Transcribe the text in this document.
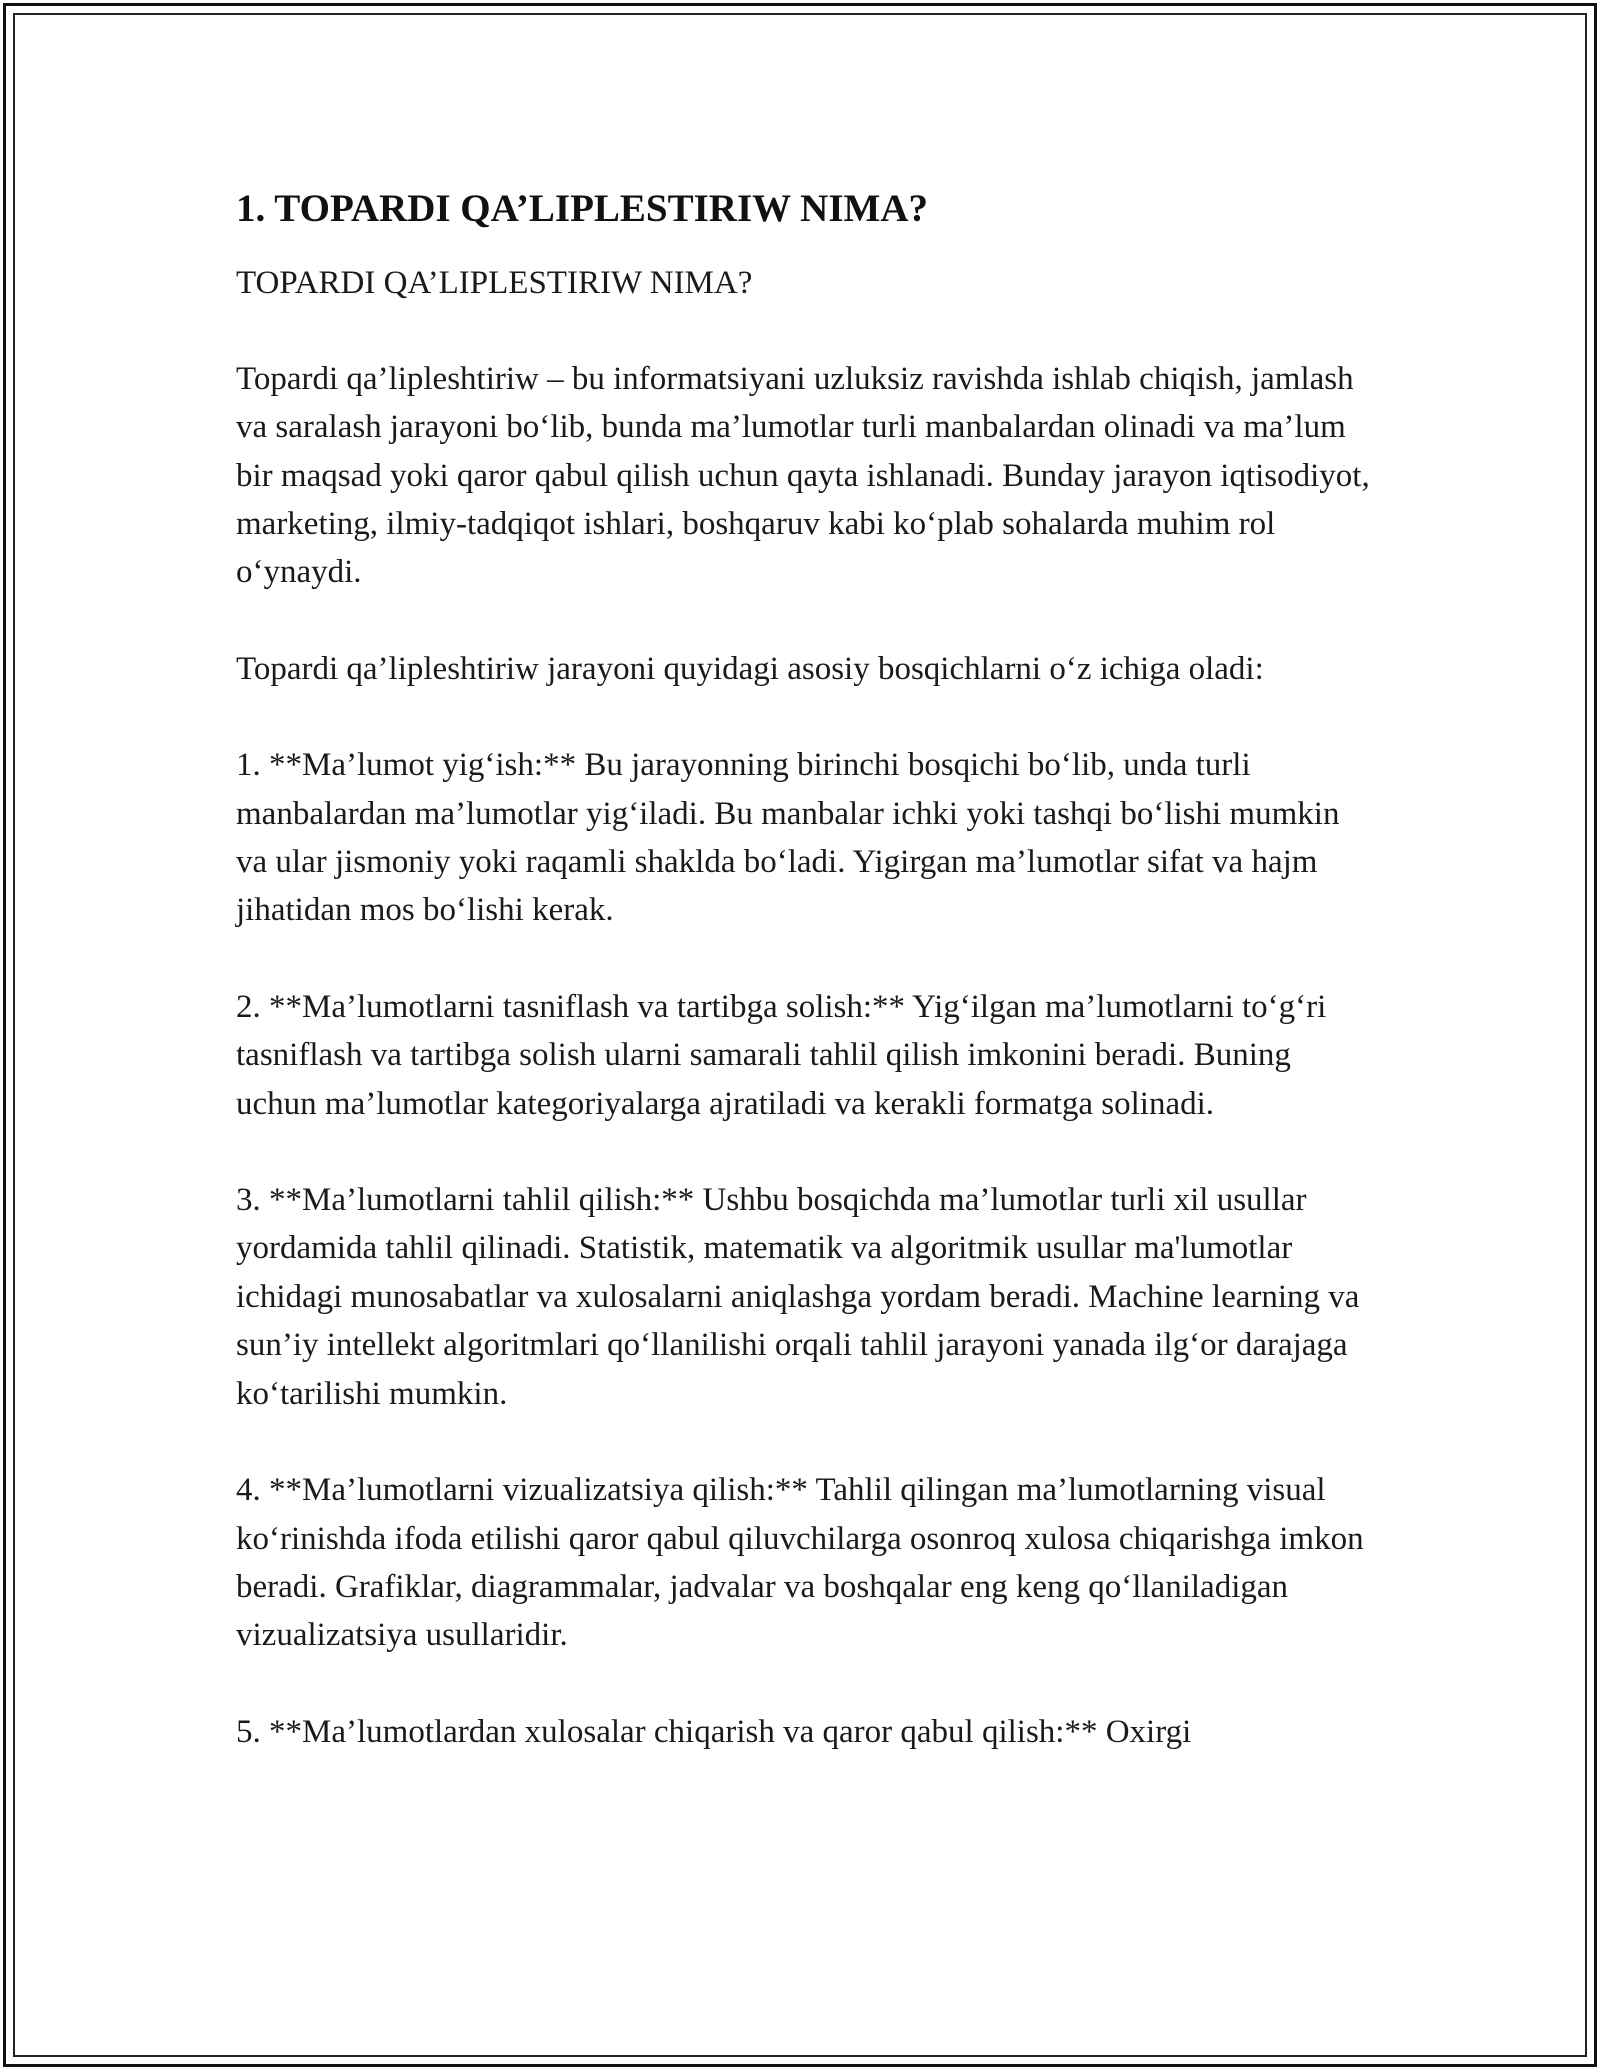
1. TOPARDI QA’LIPLESTIRIW NIMA?

TOPARDI QA’LIPLESTIRIW NIMA?

Topardi qa’lipleshtiriw – bu informatsiyani uzluksiz ravishda ishlab chiqish, jamlash va saralash jarayoni bo‘lib, bunda ma’lumotlar turli manbalardan olinadi va ma’lum bir maqsad yoki qaror qabul qilish uchun qayta ishlanadi. Bunday jarayon iqtisodiyot, marketing, ilmiy-tadqiqot ishlari, boshqaruv kabi ko‘plab sohalarda muhim rol o‘ynaydi.

Topardi qa’lipleshtiriw jarayoni quyidagi asosiy bosqichlarni o‘z ichiga oladi:

1. **Ma’lumot yig‘ish:** Bu jarayonning birinchi bosqichi bo‘lib, unda turli manbalardan ma’lumotlar yig‘iladi. Bu manbalar ichki yoki tashqi bo‘lishi mumkin va ular jismoniy yoki raqamli shaklda bo‘ladi. Yigirgan ma’lumotlar sifat va hajm jihatidan mos bo‘lishi kerak.

2. **Ma’lumotlarni tasniflash va tartibga solish:** Yig‘ilgan ma’lumotlarni to‘g‘ri tasniflash va tartibga solish ularni samarali tahlil qilish imkonini beradi. Buning uchun ma’lumotlar kategoriyalarga ajratiladi va kerakli formatga solinadi.

3. **Ma’lumotlarni tahlil qilish:** Ushbu bosqichda ma’lumotlar turli xil usullar yordamida tahlil qilinadi. Statistik, matematik va algoritmik usullar ma'lumotlar ichidagi munosabatlar va xulosalarni aniqlashga yordam beradi. Machine learning va sun’iy intellekt algoritmlari qo‘llanilishi orqali tahlil jarayoni yanada ilg‘or darajaga ko‘tarilishi mumkin.

4. **Ma’lumotlarni vizualizatsiya qilish:** Tahlil qilingan ma’lumotlarning visual ko‘rinishda ifoda etilishi qaror qabul qiluvchilarga osonroq xulosa chiqarishga imkon beradi. Grafiklar, diagrammalar, jadvalar va boshqalar eng keng qo‘llaniladigan vizualizatsiya usullaridir.

5. **Ma’lumotlardan xulosalar chiqarish va qaror qabul qilish:** Oxirgi
